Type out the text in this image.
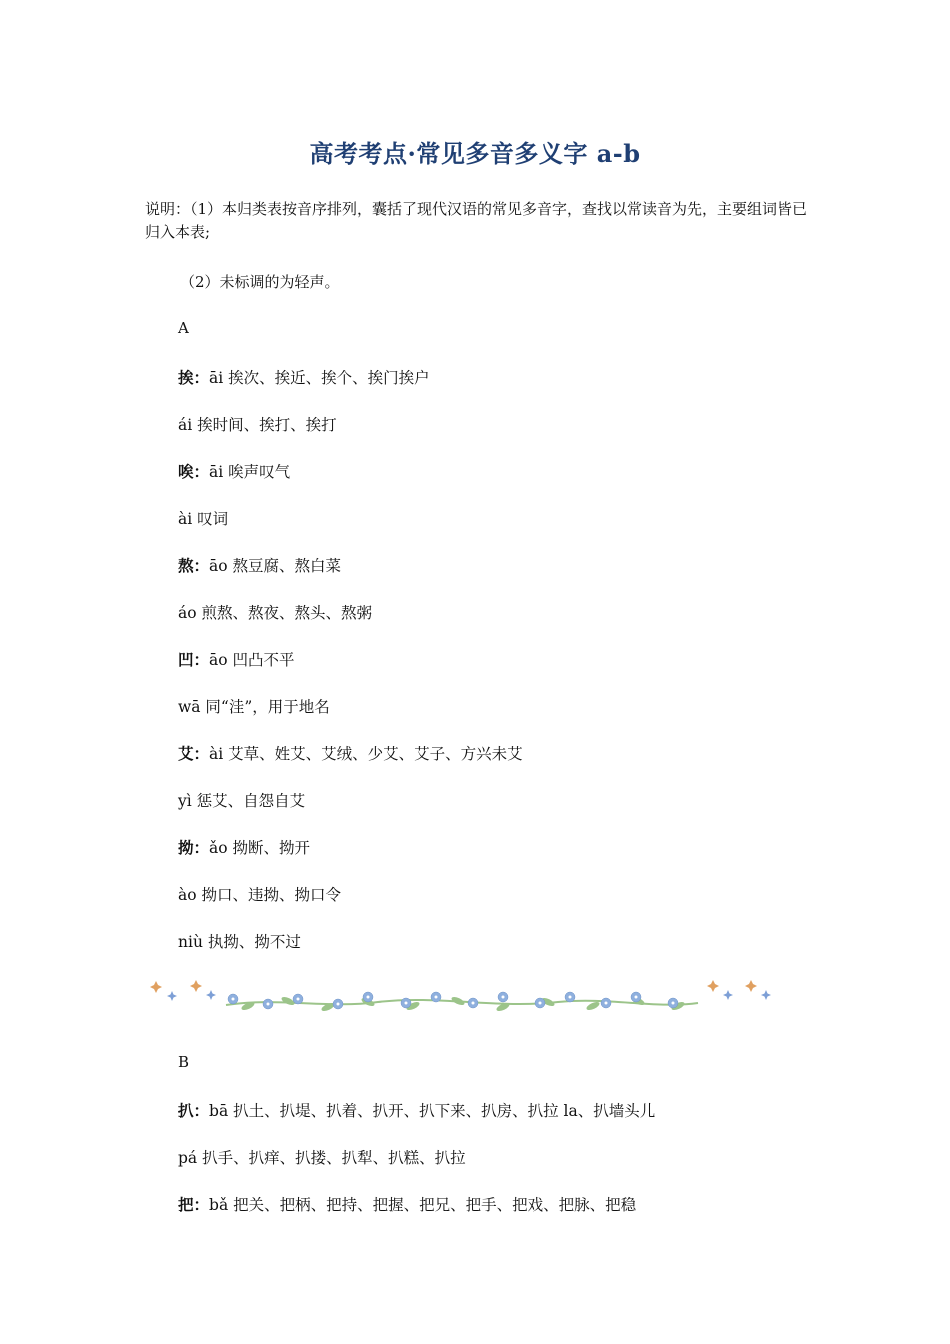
高考考点·常见多音多义字 a-b
说明：（1）本归类表按音序排列，囊括了现代汉语的常见多音字，查找以常读音为先，主要组词皆已归入本表;
（2）未标调的为轻声。
A
挨：āi 挨次、挨近、挨个、挨门挨户
ái 挨时间、挨打、挨打
唉：āi 唉声叹气
ài 叹词
熬：āo 熬豆腐、熬白菜
áo 煎熬、熬夜、熬头、熬粥
凹：āo 凹凸不平
wā 同“洼”，用于地名
艾：ài 艾草、姓艾、艾绒、少艾、艾子、方兴未艾
yì 惩艾、自怨自艾
拗：ǎo 拗断、拗开
ào 拗口、违拗、拗口令
niù 执拗、拗不过
B
扒：bā 扒土、扒堤、扒着、扒开、扒下来、扒房、扒拉 la、扒墙头儿
pá 扒手、扒痒、扒搂、扒犁、扒糕、扒拉
把：bǎ 把关、把柄、把持、把握、把兄、把手、把戏、把脉、把稳
